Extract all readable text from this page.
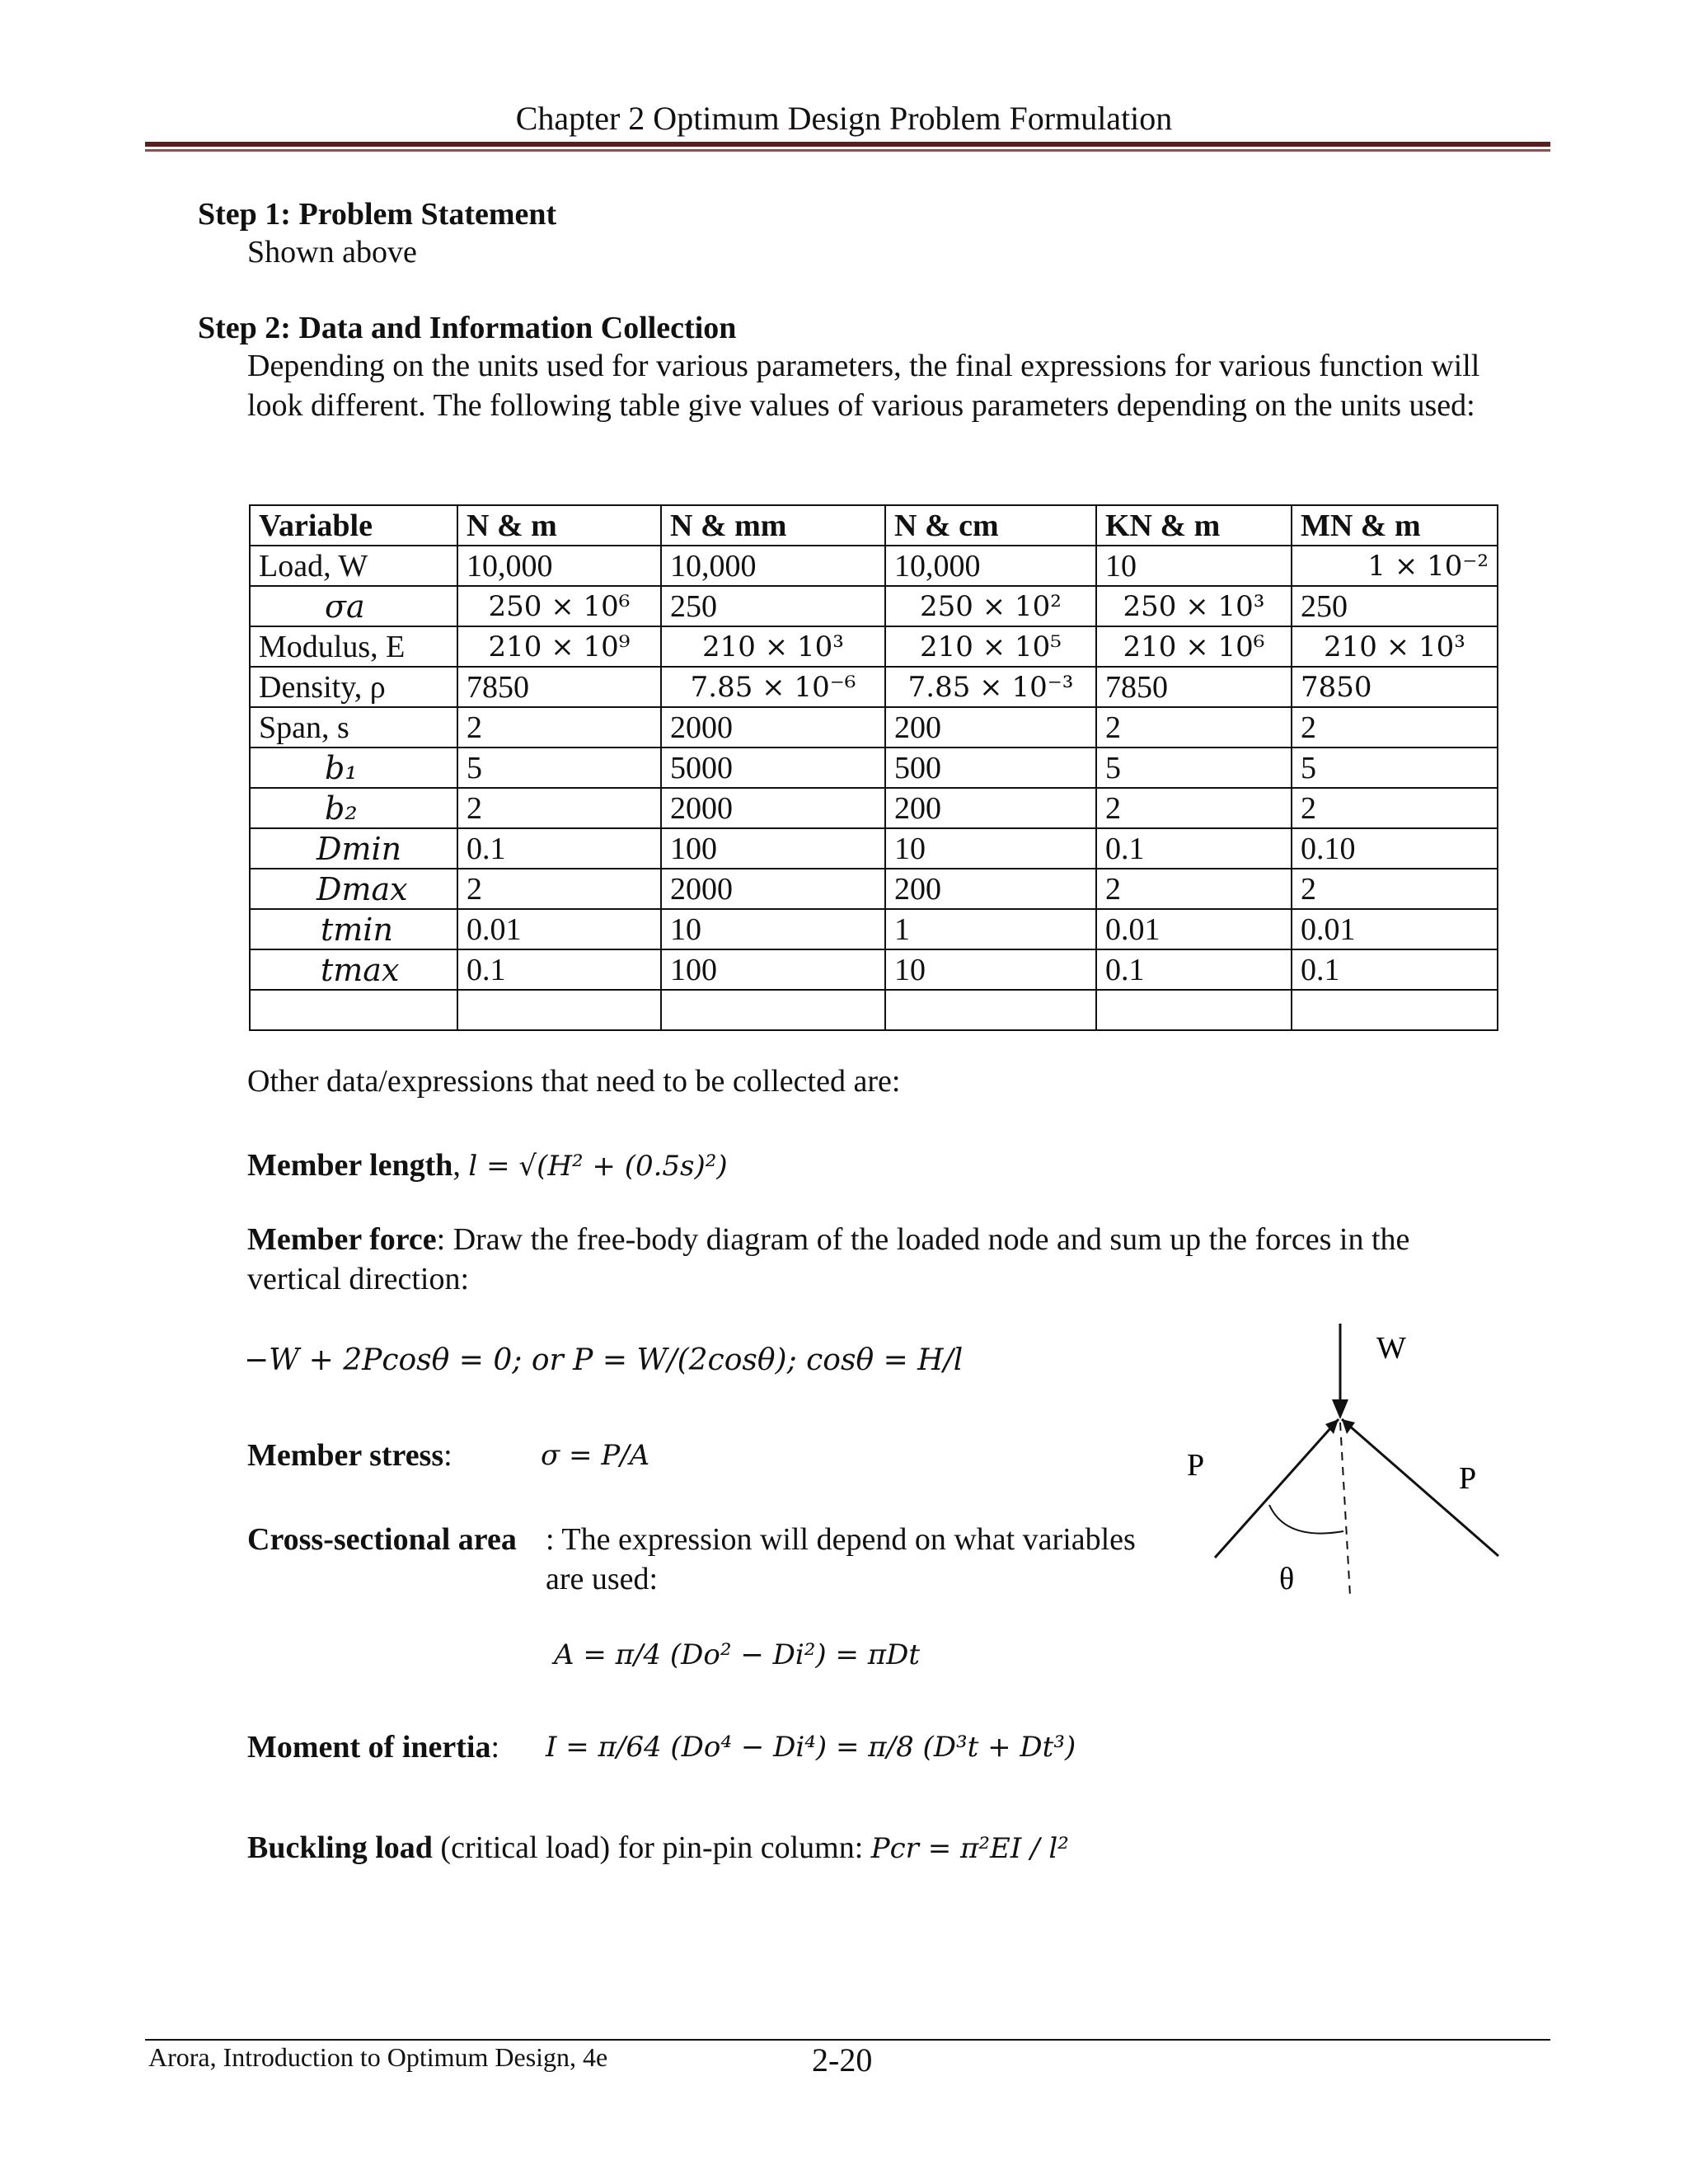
Chapter 2 Optimum Design Problem Formulation
Step 1: Problem Statement
Shown above
Step 2: Data and Information Collection
Depending on the units used for various parameters, the final expressions for various function will look different. The following table give values of various parameters depending on the units used:
Variable	N & m	N & mm	N & cm	KN & m	MN & m
Load, W	10,000	10,000	10,000	10	1 × 10⁻²
σa	250 × 10⁶	250	250 × 10²	250 × 10³	250
Modulus, E	210 × 10⁹	210 × 10³	210 × 10⁵	210 × 10⁶	210 × 10³
Density, ρ	7850	7.85 × 10⁻⁶	7.85 × 10⁻³	7850	7850
Span, s	2	2000	200	2	2
b₁	5	5000	500	5	5
b₂	2	2000	200	2	2
Dmin	0.1	100	10	0.1	0.10
Dmax	2	2000	200	2	2
tmin	0.01	10	1	0.01	0.01
tmax	0.1	100	10	0.1	0.1

Other data/expressions that need to be collected are:
Member length, l = √(H² + (0.5s)²)
Member force: Draw the free-body diagram of the loaded node and sum up the forces in the vertical direction:
−W + 2Pcosθ = 0; or P = W/(2cosθ); cosθ = H/l
Member stress:	σ = P/A
Cross-sectional area : The expression will depend on what variables are used:
A = π/4 (Do² − Di²) = πDt
Moment of inertia: I = π/64 (Do⁴ − Di⁴) = π/8 (D³t + Dt³)
Buckling load (critical load) for pin-pin column: Pcr = π²EI / l²
W
P	P
θ
Arora, Introduction to Optimum Design, 4e	2-20
